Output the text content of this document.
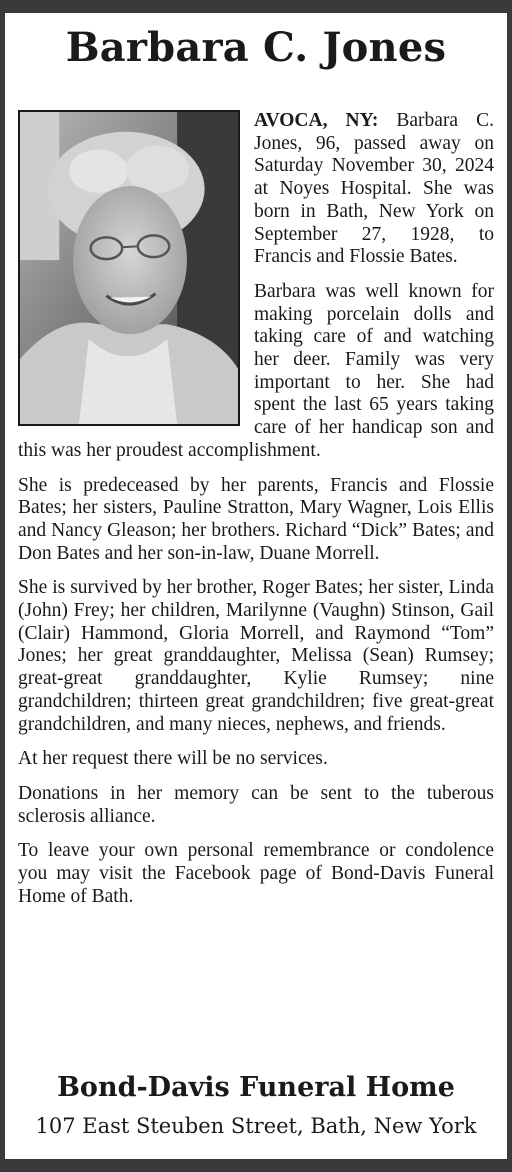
Barbara C. Jones

AVOCA, NY: Barbara C. Jones, 96, passed away on Saturday November 30, 2024 at Noyes Hospital. She was born in Bath, New York on September 27, 1928, to Francis and Flossie Bates.

Barbara was well known for making porcelain dolls and taking care of and watching her deer. Family was very important to her. She had spent the last 65 years taking care of her handicap son and this was her proudest accomplishment.

She is predeceased by her parents, Francis and Flossie Bates; her sisters, Pauline Stratton, Mary Wagner, Lois Ellis and Nancy Gleason; her brothers. Richard “Dick” Bates; and Don Bates and her son-in-law, Duane Morrell.

She is survived by her brother, Roger Bates; her sister, Linda (John) Frey; her children, Marilynne (Vaughn) Stinson, Gail (Clair) Hammond, Gloria Morrell, and Raymond “Tom” Jones; her great granddaughter, Melissa (Sean) Rumsey; great-great granddaughter, Kylie Rumsey; nine grandchildren; thirteen great grandchildren; five great-great grandchildren, and many nieces, nephews, and friends.

At her request there will be no services.

Donations in her memory can be sent to the tuberous sclerosis alliance.

To leave your own personal remembrance or condolence you may visit the Facebook page of Bond-Davis Funeral Home of Bath.

Bond-Davis Funeral Home

107 East Steuben Street, Bath, New York
